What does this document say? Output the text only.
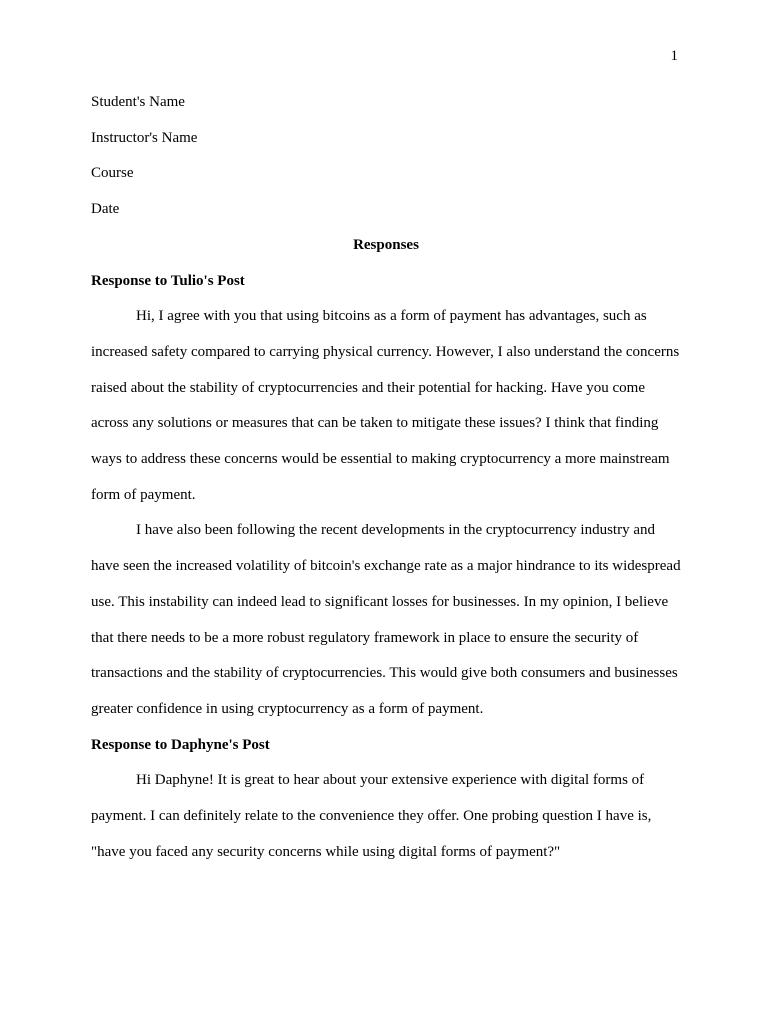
1
Student's Name
Instructor's Name
Course
Date
Responses
Response to Tulio's Post

Hi, I agree with you that using bitcoins as a form of payment has advantages, such as increased safety compared to carrying physical currency. However, I also understand the concerns raised about the stability of cryptocurrencies and their potential for hacking. Have you come across any solutions or measures that can be taken to mitigate these issues? I think that finding ways to address these concerns would be essential to making cryptocurrency a more mainstream form of payment.

I have also been following the recent developments in the cryptocurrency industry and have seen the increased volatility of bitcoin's exchange rate as a major hindrance to its widespread use. This instability can indeed lead to significant losses for businesses. In my opinion, I believe that there needs to be a more robust regulatory framework in place to ensure the security of transactions and the stability of cryptocurrencies. This would give both consumers and businesses greater confidence in using cryptocurrency as a form of payment.

Response to Daphyne's Post

Hi Daphyne! It is great to hear about your extensive experience with digital forms of payment. I can definitely relate to the convenience they offer. One probing question I have is, "have you faced any security concerns while using digital forms of payment?"
